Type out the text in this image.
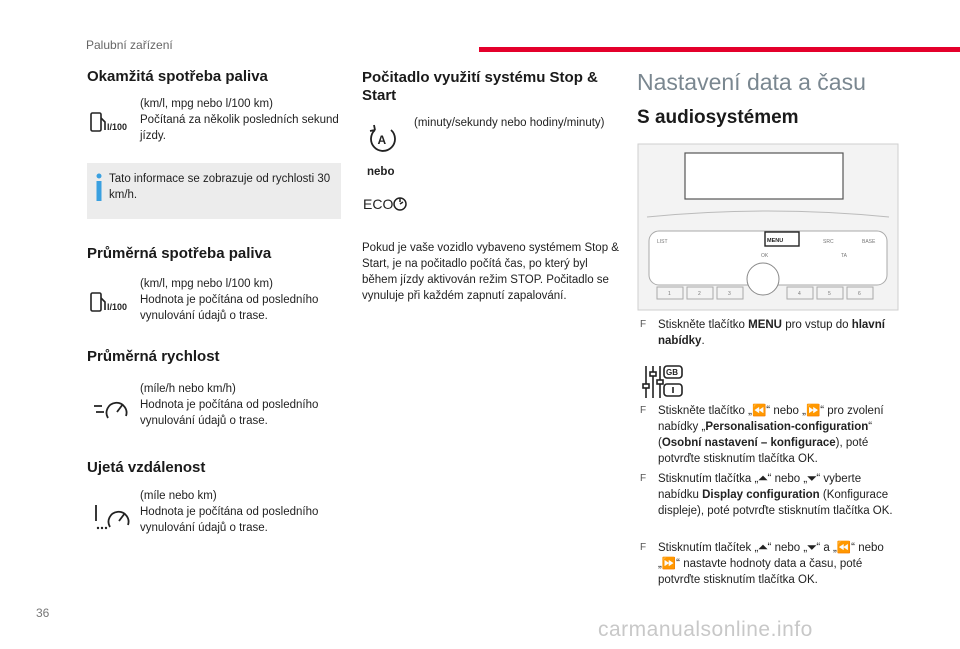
Palubní zařízení
Okamžitá spotřeba paliva
l/100
(km/l, mpg nebo l/100 km)
Počítaná za několik posledních sekund jízdy.
Tato informace se zobrazuje od rychlosti 30 km/h.
Průměrná spotřeba paliva
l/100
(km/l, mpg nebo l/100 km)
Hodnota je počítána od posledního vynulování údajů o trase.
Průměrná rychlost
(míle/h nebo km/h)
Hodnota je počítána od posledního vynulování údajů o trase.
Ujetá vzdálenost
(míle nebo km)
Hodnota je počítána od posledního vynulování údajů o trase.
Počitadlo využití systému Stop & Start
A
(minuty/sekundy nebo hodiny/minuty)
nebo
ECO
Pokud je vaše vozidlo vybaveno systémem Stop & Start, je na počitadlo počítá čas, po který byl během jízdy aktivován režim STOP. Počitadlo se vynuluje při každém zapnutí zapalování.
Nastavení data a času
S audiosystémem
LIST	MENU	SRC	BASE
OK	TA
1	2	3	4	5	6
F Stiskněte tlačítko MENU pro vstup do hlavní nabídky.
GB
F Stiskněte tlačítko „⏪“ nebo „⏩“ pro zvolení nabídky „Personalisation-configuration“ (Osobní nastavení – konfigurace), poté potvrďte stisknutím tlačítka OK.
F Stisknutím tlačítka „⏶“ nebo „⏷“ vyberte nabídku Display configuration (Konfigurace displeje), poté potvrďte stisknutím tlačítka OK.
F Stisknutím tlačítek „⏶“ nebo „⏷“ a „⏪“ nebo „⏩“ nastavte hodnoty data a času, poté potvrďte stisknutím tlačítka OK.
36
carmanualsonline.info
